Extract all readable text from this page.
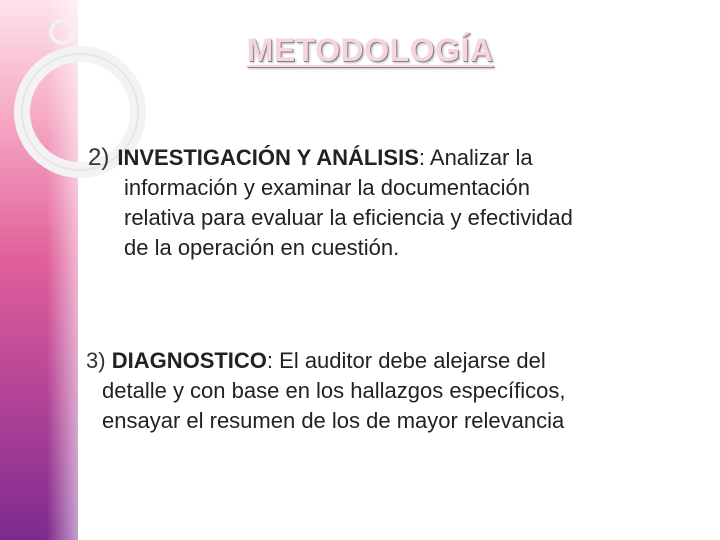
METODOLOGÍA
2) INVESTIGACIÓN Y ANÁLISIS: Analizar la
información y examinar la documentación
relativa para evaluar la eficiencia y efectividad
de la operación en cuestión.
3) DIAGNOSTICO: El auditor debe alejarse del
detalle y con base en los hallazgos específicos,
ensayar el resumen de los de mayor relevancia
